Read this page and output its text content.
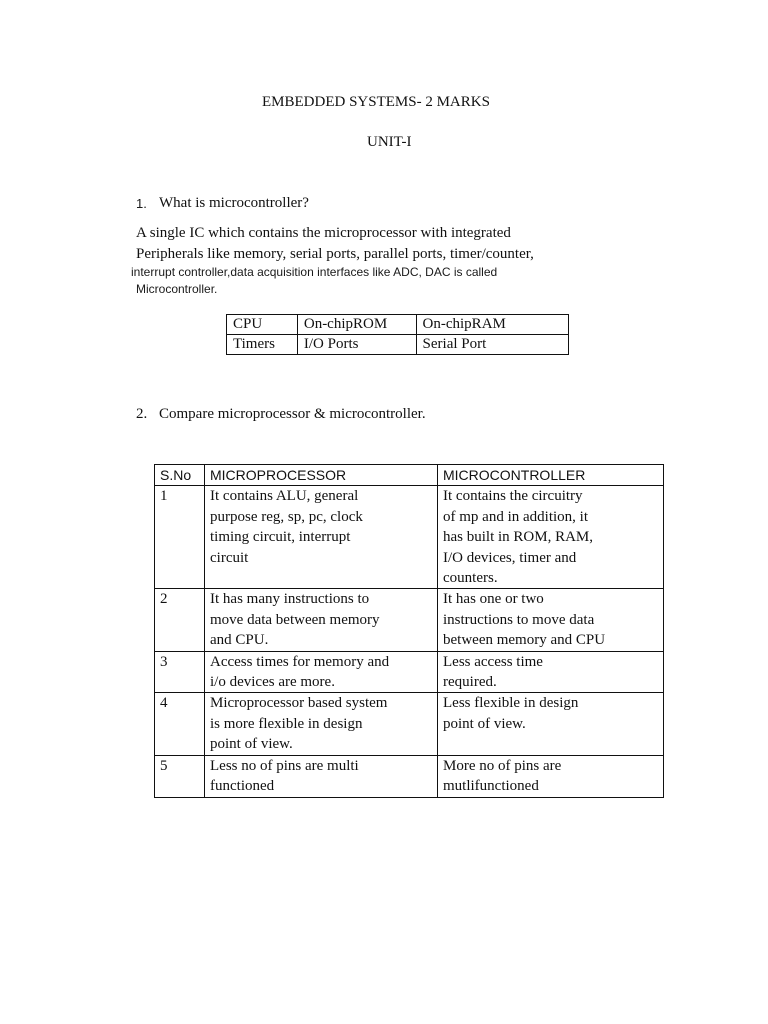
EMBEDDED SYSTEMS- 2 MARKS
UNIT-I
1. What is microcontroller?
A single IC which contains the microprocessor with integrated
Peripherals like memory, serial ports, parallel ports, timer/counter,
interrupt controller,data acquisition interfaces like ADC, DAC is called
Microcontroller.
CPU	On-chipROM	On-chipRAM
Timers	I/O Ports	Serial Port
2. Compare microprocessor & microcontroller.
S.No	MICROPROCESSOR	MICROCONTROLLER
1	It contains ALU, general
purpose reg, sp, pc, clock
timing circuit, interrupt
circuit	It contains the circuitry
of mp and in addition, it
has built in ROM, RAM,
I/O devices, timer and
counters.

2	It has many instructions to
move data between memory
and CPU.	It has one or two
instructions to move data
between memory and CPU

3	Access times for memory and
i/o devices are more.	Less access time
required.

4	Microprocessor based system
is more flexible in design
point of view.	Less flexible in design
point of view.

5	Less no of pins are multi
functioned	More no of pins are
mutlifunctioned
